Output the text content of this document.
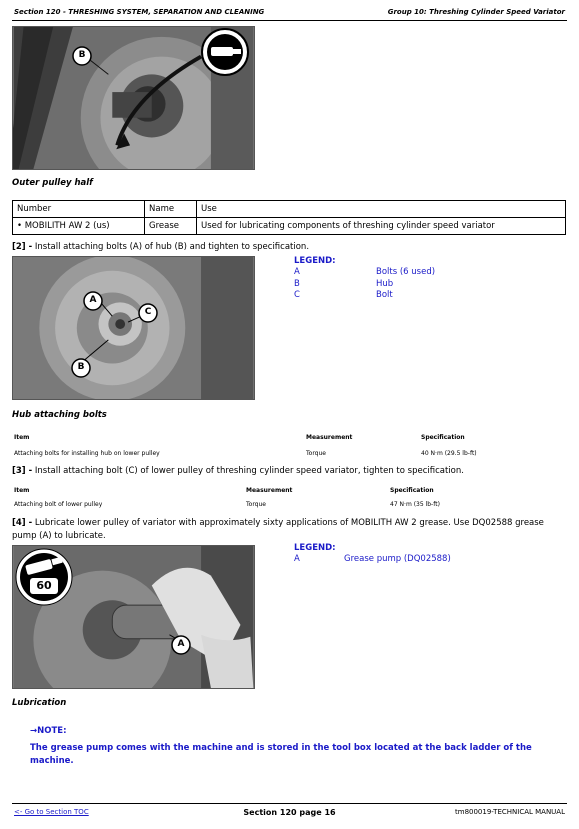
Section 120 - THRESHING SYSTEM, SEPARATION AND CLEANING	Group 10: Threshing Cylinder Speed Variator
B
Outer pulley half
Number	Name	Use
• MOBILITH AW 2 (us)	Grease	Used for lubricating components of threshing cylinder speed variator
[2] - Install attaching bolts (A) of hub (B) and tighten to specification.
A
C
B
LEGEND:
A	Bolts (6 used)
B	Hub
C	Bolt
Hub attaching bolts
Item	Measurement	Specification
Attaching bolts for installing hub on lower pulley	Torque	40 N·m (29.5 lb-ft)
[3] - Install attaching bolt (C) of lower pulley of threshing cylinder speed variator, tighten to specification.
Item	Measurement	Specification
Attaching bolt of lower pulley	Torque	47 N·m (35 lb-ft)
[4] - Lubricate lower pulley of variator with approximately sixty applications of MOBILITH AW 2 grease. Use DQ02588 grease
pump (A) to lubricate.
60
A
LEGEND:
A	Grease pump (DQ02588)
Lubrication
→NOTE:
The grease pump comes with the machine and is stored in the tool box located at the back ladder of the
machine.
<- Go to Section TOC	Section 120 page 16	tm800019-TECHNICAL MANUAL
